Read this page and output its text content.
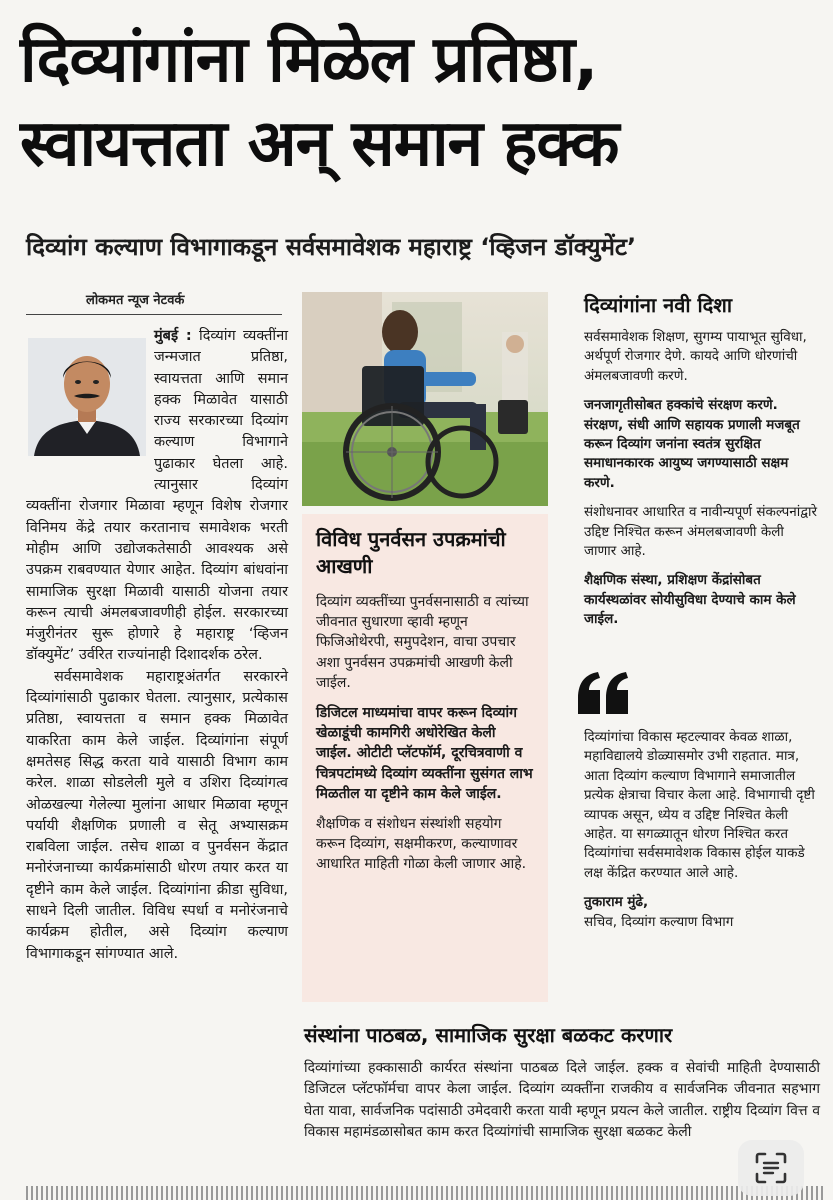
दिव्यांगांना मिळेल प्रतिष्ठा,
स्वायत्तता अन् समान हक्क
दिव्यांग कल्याण विभागाकडून सर्वसमावेशक महाराष्ट्र ‘व्हिजन डॉक्युमेंट’
लोकमत न्यूज नेटवर्क

मुंबई : दिव्यांग व्यक्तींना जन्मजात प्रतिष्ठा, स्वायत्तता आणि समान हक्क मिळावेत यासाठी राज्य सरकारच्या दिव्यांग कल्याण विभागाने पुढाकार घेतला आहे. त्यानुसार दिव्यांग व्यक्तींना रोजगार मिळावा म्हणून विशेष रोजगार विनिमय केंद्रे तयार करतानाच समावेशक भरती मोहीम आणि उद्योजकतेसाठी आवश्यक असे उपक्रम राबवण्यात येणार आहेत. दिव्यांग बांधवांना सामाजिक सुरक्षा मिळावी यासाठी योजना तयार करून त्याची अंमलबजावणीही होईल. सरकारच्या मंजुरीनंतर सुरू होणारे हे महाराष्ट्र ‘व्हिजन डॉक्युमेंट’ उर्वरित राज्यांनाही दिशादर्शक ठरेल.

सर्वसमावेशक महाराष्ट्रअंतर्गत सरकारने दिव्यांगांसाठी पुढाकार घेतला. त्यानुसार, प्रत्येकास प्रतिष्ठा, स्वायत्तता व समान हक्क मिळावेत याकरिता काम केले जाईल. दिव्यांगांना संपूर्ण क्षमतेसह सिद्ध करता यावे यासाठी विभाग काम करेल. शाळा सोडलेली मुले व उशिरा दिव्यांगत्व ओळखल्या गेलेल्या मुलांना आधार मिळावा म्हणून पर्यायी शैक्षणिक प्रणाली व सेतू अभ्यासक्रम राबविला जाईल. तसेच शाळा व पुनर्वसन केंद्रात मनोरंजनाच्या कार्यक्रमांसाठी धोरण तयार करत या दृष्टीने काम केले जाईल. दिव्यांगांना क्रीडा सुविधा, साधने दिली जातील. विविध स्पर्धा व मनोरंजनाचे कार्यक्रम होतील, असे दिव्यांग कल्याण विभागाकडून सांगण्यात आले.

विविध पुनर्वसन उपक्रमांची आखणी

दिव्यांग व्यक्तींच्या पुनर्वसनासाठी व त्यांच्या जीवनात सुधारणा व्हावी म्हणून फिजिओथेरपी, समुपदेशन, वाचा उपचार अशा पुनर्वसन उपक्रमांची आखणी केली जाईल.

डिजिटल माध्यमांचा वापर करून दिव्यांग खेळाडूंची कामगिरी अधोरेखित केली जाईल. ओटीटी प्लॅटफॉर्म, दूरचित्रवाणी व चित्रपटांमध्ये दिव्यांग व्यक्तींना सुसंगत लाभ मिळतील या दृष्टीने काम केले जाईल.

शैक्षणिक व संशोधन संस्थांशी सहयोग करून दिव्यांग, सक्षमीकरण, कल्याणावर आधारित माहिती गोळा केली जाणार आहे.

दिव्यांगांना नवी दिशा

सर्वसमावेशक शिक्षण, सुगम्य पायाभूत सुविधा, अर्थपूर्ण रोजगार देणे. कायदे आणि धोरणांची अंमलबजावणी करणे.

जनजागृतीसोबत हक्कांचे संरक्षण करणे. संरक्षण, संधी आणि सहायक प्रणाली मजबूत करून दिव्यांग जनांना स्वतंत्र सुरक्षित समाधानकारक आयुष्य जगण्यासाठी सक्षम करणे.

संशोधनावर आधारित व नावीन्यपूर्ण संकल्पनांद्वारे उद्दिष्ट निश्चित करून अंमलबजावणी केली जाणार आहे.

शैक्षणिक संस्था, प्रशिक्षण केंद्रांसोबत कार्यस्थळांवर सोयीसुविधा देण्याचे काम केले जाईल.

दिव्यांगांचा विकास म्हटल्यावर केवळ शाळा, महाविद्यालये डोळ्यासमोर उभी राहतात. मात्र, आता दिव्यांग कल्याण विभागाने समाजातील प्रत्येक क्षेत्राचा विचार केला आहे. विभागाची दृष्टी व्यापक असून, ध्येय व उद्दिष्ट निश्चित केली आहेत. या सगळ्यातून धोरण निश्चित करत दिव्यांगांचा सर्वसमावेशक विकास होईल याकडे लक्ष केंद्रित करण्यात आले आहे.

तुकाराम मुंढे,

सचिव, दिव्यांग कल्याण विभाग

संस्थांना पाठबळ, सामाजिक सुरक्षा बळकट करणार
दिव्यांगांच्या हक्कासाठी कार्यरत संस्थांना पाठबळ दिले जाईल. हक्क व सेवांची माहिती देण्यासाठी डिजिटल प्लॅटफॉर्मचा वापर केला जाईल. दिव्यांग व्यक्तींना राजकीय व सार्वजनिक जीवनात सहभाग घेता यावा, सार्वजनिक पदांसाठी उमेदवारी करता यावी म्हणून प्रयत्न केले जातील. राष्ट्रीय दिव्यांग वित्त व विकास महामंडळासोबत काम करत दिव्यांगांची सामाजिक सुरक्षा बळकट केली
